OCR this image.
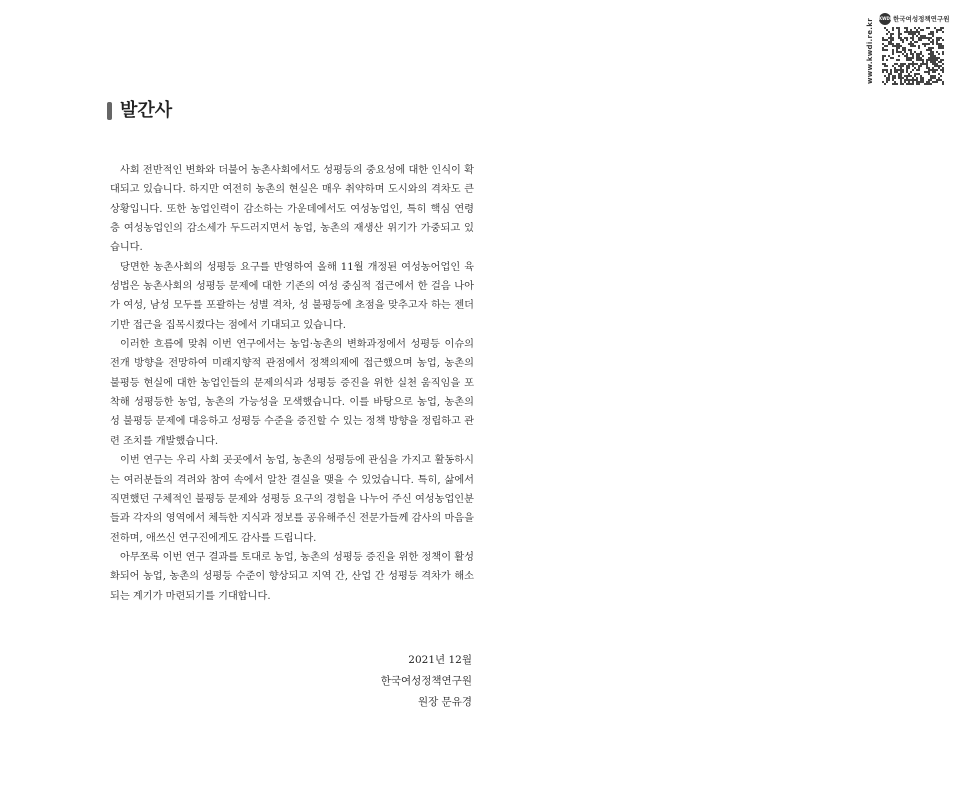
www.kwdi.re.kr	KWDI 한국여성정책연구원
발간사

사회 전반적인 변화와 더불어 농촌사회에서도 성평등의 중요성에 대한 인식이 확대되고 있습니다. 하지만 여전히 농촌의 현실은 매우 취약하며 도시와의 격차도 큰 상황입니다. 또한 농업인력이 감소하는 가운데에서도 여성농업인, 특히 핵심 연령층 여성농업인의 감소세가 두드러지면서 농업, 농촌의 재생산 위기가 가중되고 있습니다.

당면한 농촌사회의 성평등 요구를 반영하여 올해 11월 개정된 여성농어업인 육성법은 농촌사회의 성평등 문제에 대한 기존의 여성 중심적 접근에서 한 걸음 나아가 여성, 남성 모두를 포괄하는 성별 격차, 성 불평등에 초점을 맞추고자 하는 젠더 기반 접근을 집목시켰다는 점에서 기대되고 있습니다.

이러한 흐름에 맞춰 이번 연구에서는 농업·농촌의 변화과정에서 성평등 이슈의 전개 방향을 전망하여 미래지향적 관점에서 정책의제에 접근했으며 농업, 농촌의 불평등 현실에 대한 농업인들의 문제의식과 성평등 증진을 위한 실천 움직임을 포착해 성평등한 농업, 농촌의 가능성을 모색했습니다. 이를 바탕으로 농업, 농촌의 성 불평등 문제에 대응하고 성평등 수준을 증진할 수 있는 정책 방향을 정립하고 관련 조치를 개발했습니다.

이번 연구는 우리 사회 곳곳에서 농업, 농촌의 성평등에 관심을 가지고 활동하시는 여러분들의 격려와 참여 속에서 알찬 결실을 맺을 수 있었습니다. 특히, 삶에서 직면했던 구체적인 불평등 문제와 성평등 요구의 경험을 나누어 주신 여성농업인분들과 각자의 영역에서 체득한 지식과 정보를 공유해주신 전문가들께 감사의 마음을 전하며, 애쓰신 연구진에게도 감사를 드립니다.

아무쪼록 이번 연구 결과를 토대로 농업, 농촌의 성평등 증진을 위한 정책이 활성화되어 농업, 농촌의 성평등 수준이 향상되고 지역 간, 산업 간 성평등 격차가 해소되는 계기가 마련되기를 기대합니다.

2021년 12월
한국여성정책연구원
원장 문유경
